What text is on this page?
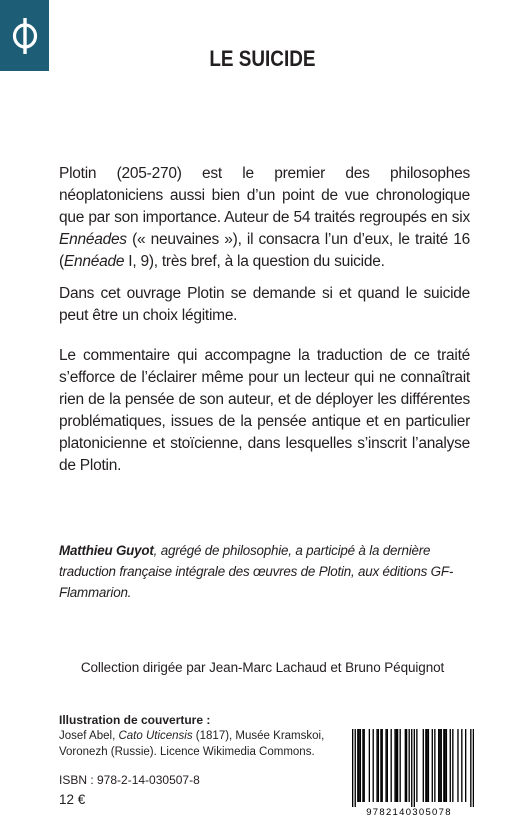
LE SUICIDE

Plotin (205-270) est le premier des philosophes néoplatoniciens aussi bien d’un point de vue chronologique que par son importance. Auteur de 54 traités regroupés en six Ennéades (« neuvaines »), il consacra l’un d’eux, le traité 16 (Ennéade I, 9), très bref, à la question du suicide.

Dans cet ouvrage Plotin se demande si et quand le suicide peut être un choix légitime.

Le commentaire qui accompagne la traduction de ce traité s’efforce de l’éclairer même pour un lecteur qui ne connaîtrait rien de la pensée de son auteur, et de déployer les différentes problématiques, issues de la pensée antique et en particulier platonicienne et stoïcienne, dans lesquelles s’inscrit l’analyse de Plotin.

Matthieu Guyot, agrégé de philosophie, a participé à la dernière traduction française intégrale des œuvres de Plotin, aux éditions GF-Flammarion.
Collection dirigée par Jean-Marc Lachaud et Bruno Péquignot
Illustration de couverture :
Josef Abel, Cato Uticensis (1817), Musée Kramskoi,
Voronezh (Russie). Licence Wikimedia Commons.
ISBN : 978-2-14-030507-8
12 €
9782140305078
